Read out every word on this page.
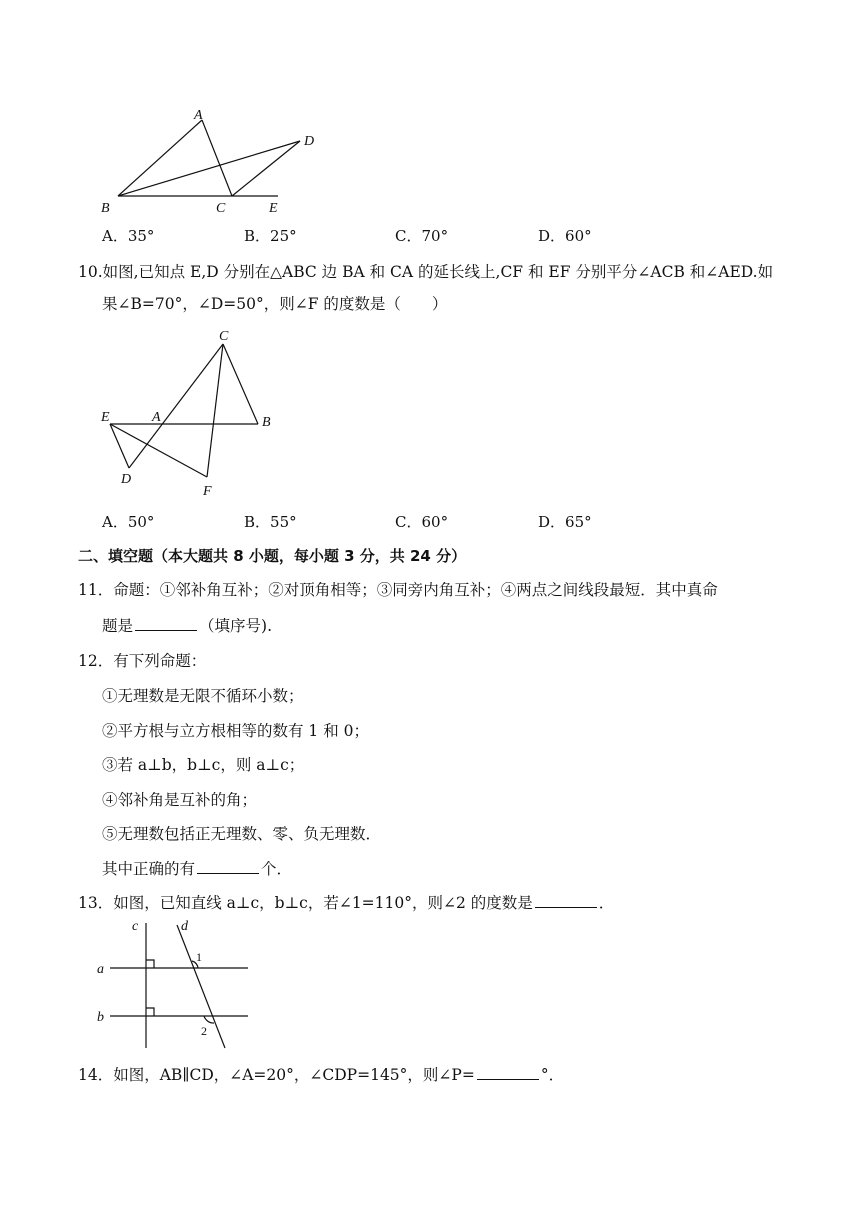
A
B	C
D
E
A．35°	B．25°	C．70°	D．60°
10.如图,已知点 E,D 分别在△ABC 边 BA 和 CA 的延长线上,CF 和 EF 分别平分∠ACB 和∠AED.如
果∠B=70°，∠D=50°，则∠F 的度数是（　　）
C
E	A	B
D
F
A．50°	B．55°	C．60°	D．65°
二、填空题（本大题共 8 小题，每小题 3 分，共 24 分）
11．命题：①邻补角互补；②对顶角相等；③同旁内角互补；④两点之间线段最短．其中真命
题是	（填序号).
12．有下列命题：
①无理数是无限不循环小数；
②平方根与立方根相等的数有 1 和 0；
③若 a⊥b，b⊥c，则 a⊥c；
④邻补角是互补的角；
⑤无理数包括正无理数、零、负无理数．
其中正确的有	个．
13．如图，已知直线 a⊥c，b⊥c，若∠1=110°，则∠2 的度数是	．
c	d
a
b
1
2
14．如图，AB∥CD，∠A=20°，∠CDP=145°，则∠P=	°．
